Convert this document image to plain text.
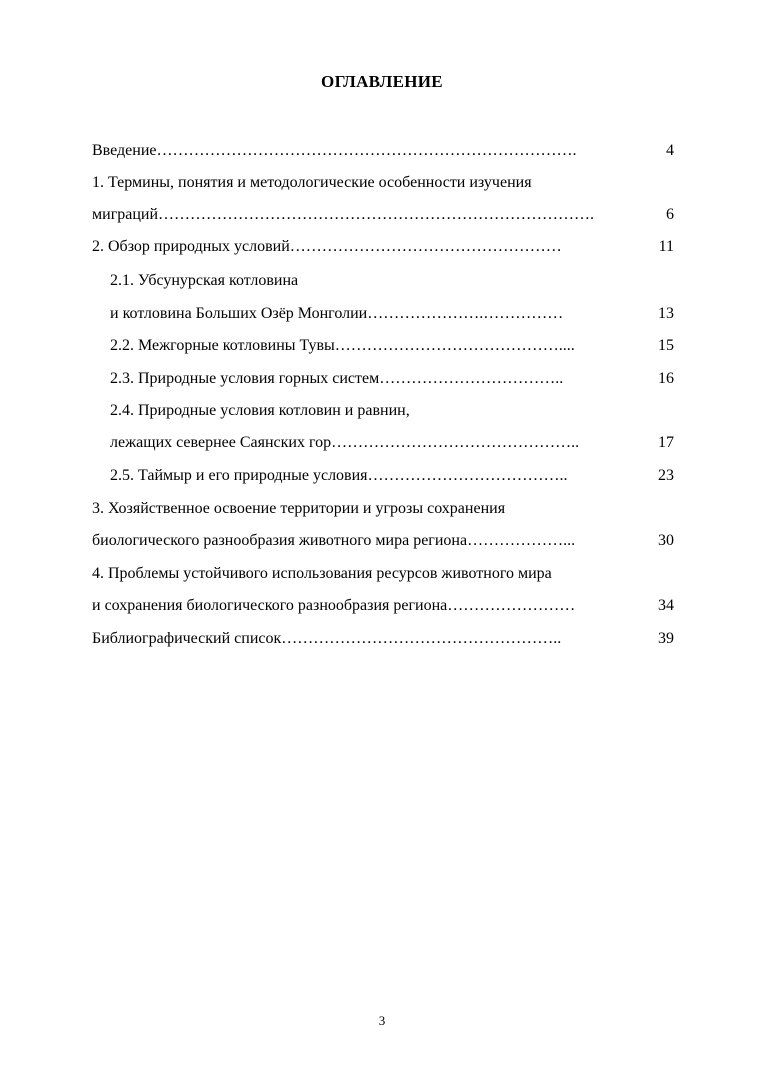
ОГЛАВЛЕНИЕ
Введение…………………………………………………………………….	4
1. Термины, понятия и методологические особенности изучения
миграций……………………………………………………………………….	6
2. Обзор природных условий……………………………………………	11
2.1. Убсунурская котловина
и котловина Больших Озёр Монголии………………….……………	13
2.2. Межгорные котловины Тувы……………………………………....	15
2.3. Природные условия горных систем……………………………..	16
2.4. Природные условия котловин и равнин,
лежащих севернее Саянских гор………………………………………..	17
2.5. Таймыр и его природные условия………………………………..	23
3. Хозяйственное освоение территории и угрозы сохранения
биологического разнообразия животного мира региона………………...	30
4. Проблемы устойчивого использования ресурсов животного мира
и сохранения биологического разнообразия региона……………………	34
Библиографический список……………………………………………..	39
3
